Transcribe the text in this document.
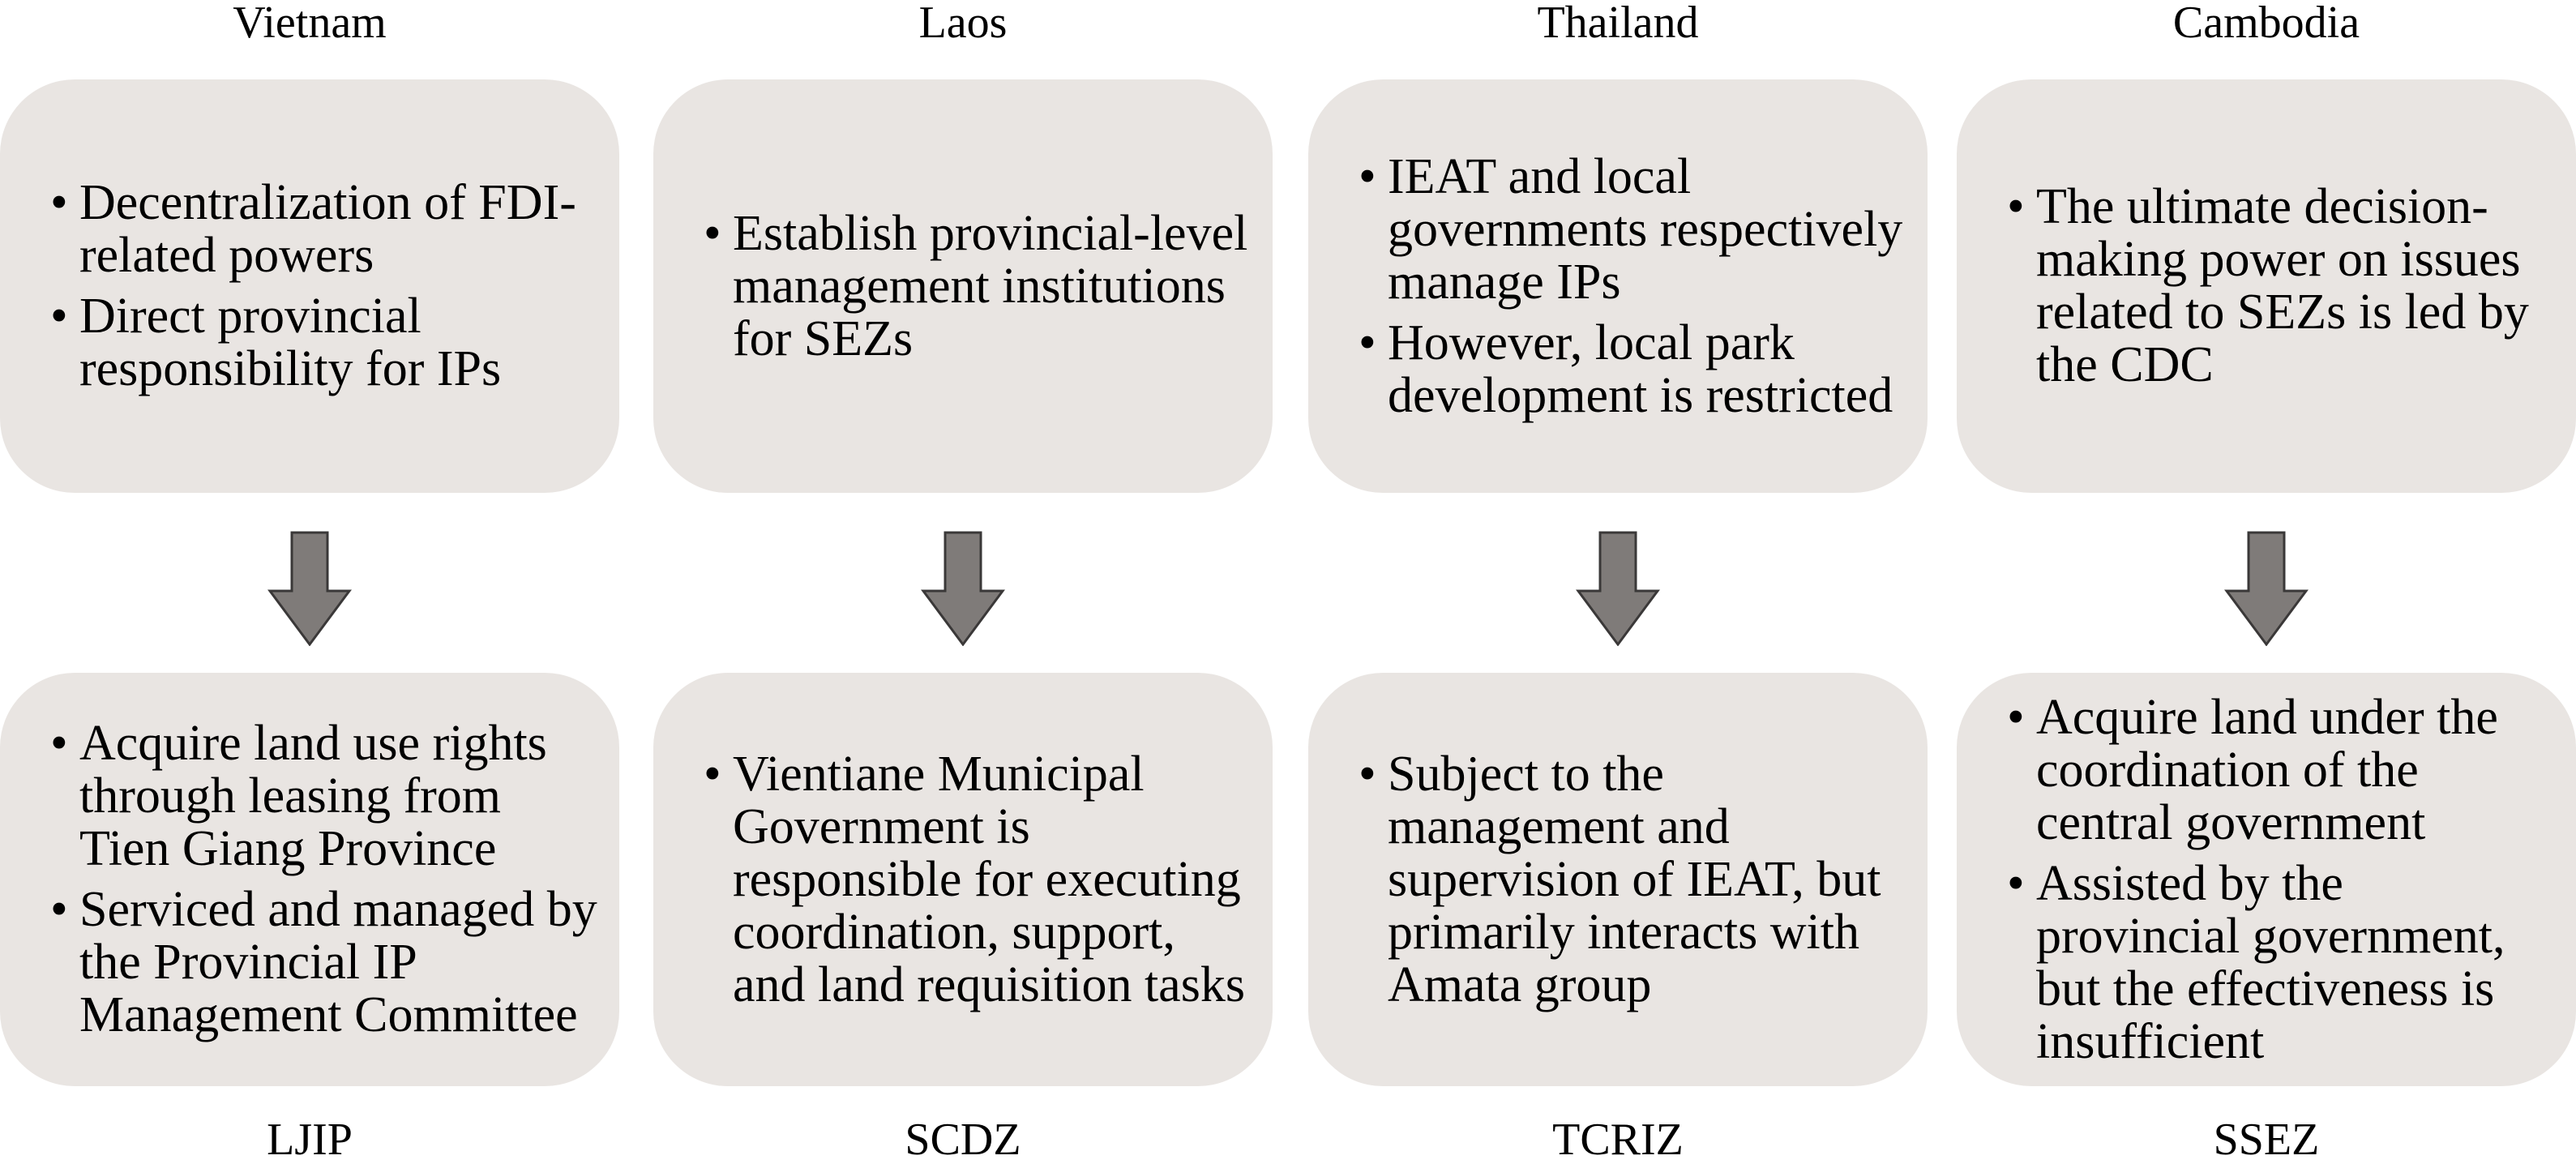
Vietnam
• Decentralization of FDI-related powers
• Direct provincial responsibility for IPs
• Acquire land use rights through leasing from Tien Giang Province
• Serviced and managed by the Provincial IP Management Committee
LJIP
Laos
• Establish provincial-level management institutions for SEZs
• Vientiane Municipal Government is responsible for executing coordination, support, and land requisition tasks
SCDZ
Thailand
• IEAT and local governments respectively manage IPs
• However, local park development is restricted
• Subject to the management and supervision of IEAT, but primarily interacts with Amata group
TCRIZ
Cambodia
• The ultimate decision-making power on issues related to SEZs is led by the CDC
• Acquire land under the coordination of the central government
• Assisted by the provincial government, but the effectiveness is insufficient
SSEZ
